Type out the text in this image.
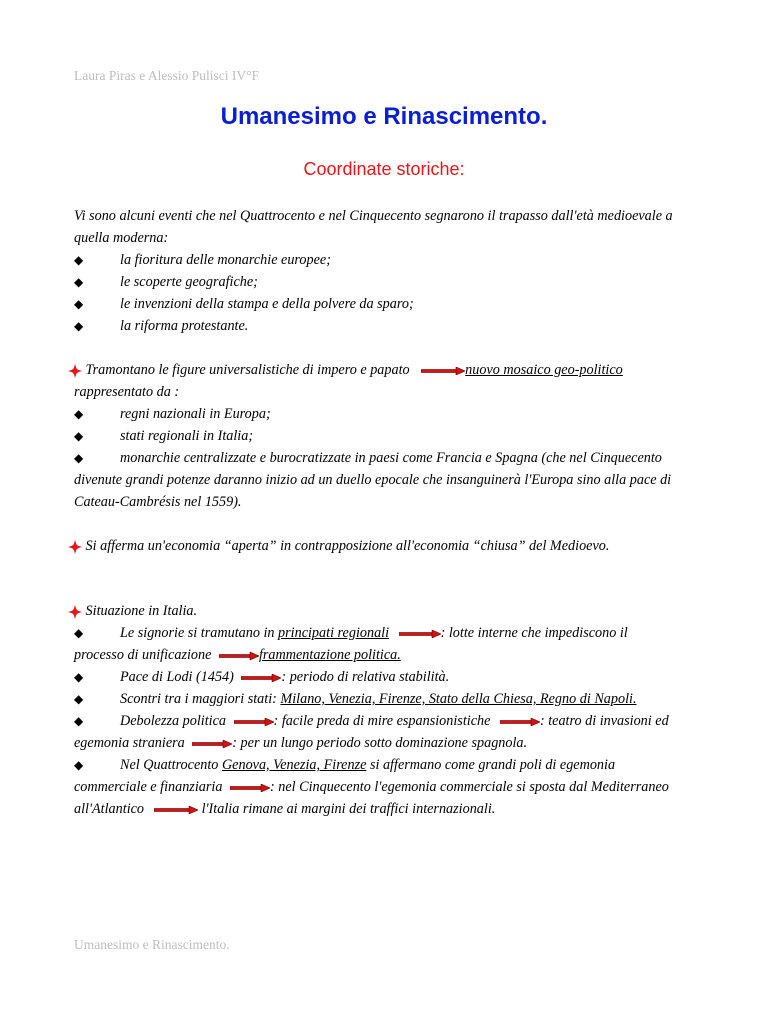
Laura Piras e Alessio Pulisci IV°F
Umanesimo e Rinascimento.
Umanesimo e Rinascimento.
Coordinate storiche:
Vi sono alcuni eventi che nel Quattrocento e nel Cinquecento segnarono il trapasso dall'età medioevale a
quella moderna:
◆	la fioritura delle monarchie europee;
◆	le scoperte geografiche;
◆	le invenzioni della stampa e della polvere da sparo;
◆	la riforma protestante.
Tramontano le figure universalistiche di impero e papato	nuovo mosaico geo-politico
rappresentato da :
◆	regni nazionali in Europa;
◆	stati regionali in Italia;
◆	monarchie centralizzate e burocratizzate in paesi come Francia e Spagna (che nel Cinquecento
divenute grandi potenze daranno inizio ad un duello epocale che insanguinerà l'Europa sino alla pace di
Cateau-Cambrésis nel 1559).
Si afferma un'economia “aperta” in contrapposizione all'economia “chiusa” del Medioevo.
Situazione in Italia.
◆	Le signorie si tramutano in principati regionali	: lotte interne che impediscono il
processo di unificazione	frammentazione politica.
◆	Pace di Lodi (1454)	: periodo di relativa stabilità.
◆	Scontri tra i maggiori stati: Milano, Venezia, Firenze, Stato della Chiesa, Regno di Napoli.
◆	Debolezza politica	: facile preda di mire espansionistiche	: teatro di invasioni ed
egemonia straniera	: per un lungo periodo sotto dominazione spagnola.
◆	Nel Quattrocento Genova, Venezia, Firenze si affermano come grandi poli di egemonia
commerciale e finanziaria	: nel Cinquecento l'egemonia commerciale si sposta dal Mediterraneo
all'Atlantico	l'Italia rimane ai margini dei traffici internazionali.
